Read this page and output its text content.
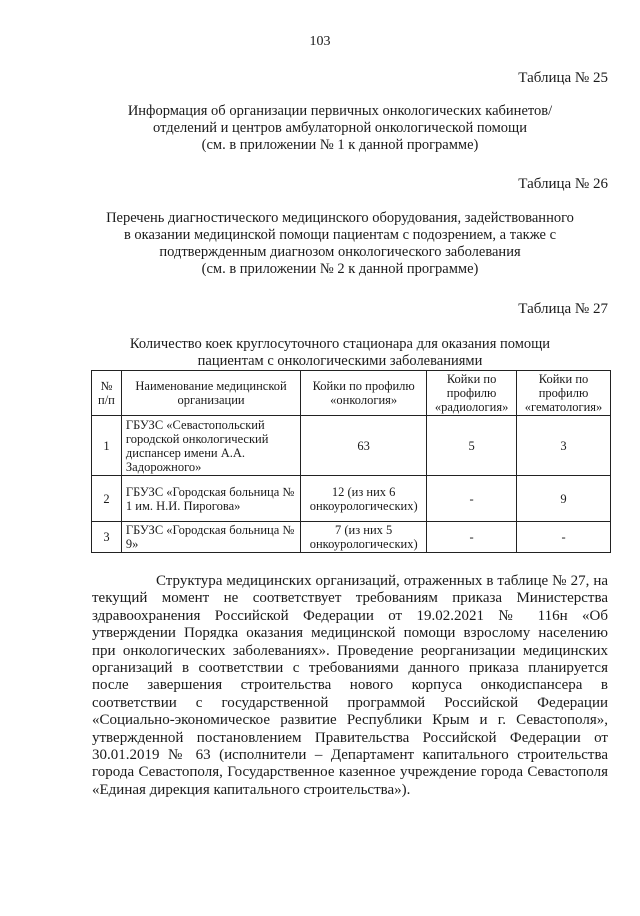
103
Таблица № 25
Информация об организации первичных онкологических кабинетов/
отделений и центров амбулаторной онкологической помощи
(см. в приложении № 1 к данной программе)
Таблица № 26
Перечень диагностического медицинского оборудования, задействованного
в оказании медицинской помощи пациентам с подозрением, а также с
подтвержденным диагнозом онкологического заболевания
(см. в приложении № 2 к данной программе)
Таблица № 27
Количество коек круглосуточного стационара для оказания помощи
пациентам с онкологическими заболеваниями
№ п/п	Наименование медицинской организации	Койки по профилю «онкология»	Койки по профилю «радиология»	Койки по профилю «гематология»
1	ГБУЗС «Севастопольский городской онкологический диспансер имени А.А. Задорожного»	63	5	3
2	ГБУЗС «Городская больница № 1 им. Н.И. Пирогова»	12 (из них 6 онкоурологических)	-	9
3	ГБУЗС «Городская больница № 9»	7 (из них 5 онкоурологических)	-	-

Структура медицинских организаций, отраженных в таблице № 27, на текущий момент не соответствует требованиям приказа Министерства здравоохранения Российской Федерации от 19.02.2021 № 116н «Об утверждении Порядка оказания медицинской помощи взрослому населению при онкологических заболеваниях». Проведение реорганизации медицинских организаций в соответствии с требованиями данного приказа планируется после завершения строительства нового корпуса онкодиспансера в соответствии с государственной программой Российской Федерации «Социально-экономическое развитие Республики Крым и г. Севастополя», утвержденной постановлением Правительства Российской Федерации от 30.01.2019 № 63 (исполнители – Департамент капитального строительства города Севастополя, Государственное казенное учреждение города Севастополя «Единая дирекция капитального строительства»).
